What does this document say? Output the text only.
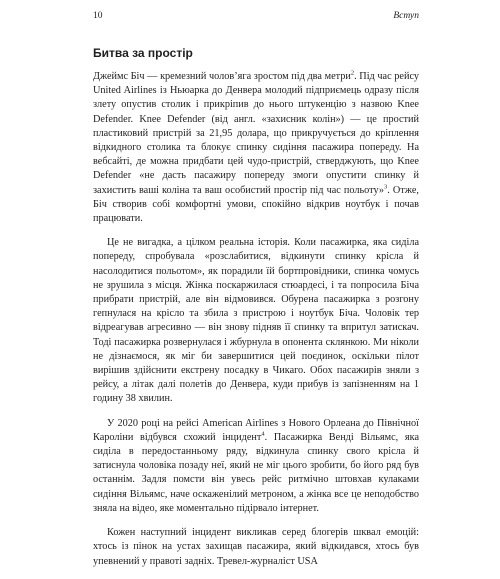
10	Вступ
Битва за простір

Джеймс Біч — кремезний чоловʼяга зростом під два метри$^2$. Під час рейсу United Airlines із Ньюарка до Денвера молодий підприємець одразу після злету опустив столик і прикріпив до нього штукенцію з назвою Knee Defender. Knee Defender (від англ. «захисник колін») — це простий пластиковий пристрій за 21,95 долара, що прикручується до кріплення відкидного столика та блокує спинку сидіння пасажира попереду. На вебсайті, де можна придбати цей чудо-пристрій, стверджують, що Knee Defender «не дасть пасажиру попереду змоги опустити спинку й захистить ваші коліна та ваш особистий простір під час польоту»$^3$. Отже, Біч створив собі комфортні умови, спокійно відкрив ноутбук і почав працювати.

Це не вигадка, а цілком реальна історія. Коли пасажирка, яка сиділа попереду, спробувала «розслабитися, відкинути спинку крісла й насолодитися польотом», як порадили їй бортпровідники, спинка чомусь не зрушила з місця. Жінка поскаржилася стюардесі, і та попросила Біча прибрати пристрій, але він відмовився. Обурена пасажирка з розгону гепнулася на крісло та збила з пристрою і ноутбук Біча. Чоловік тер відреагував агресивно — він знову підняв її спинку та впритул затискач. Тоді пасажирка розвернулася і жбурнула в опонента склянкою. Ми ніколи не дізнаємося, як міг би завершитися цей поєдинок, оскільки пілот вирішив здійснити екстрену посадку в Чикаго. Обох пасажирів зняли з рейсу, а літак далі полетів до Денвера, куди прибув із запізненням на 1 годину 38 хвилин.

У 2020 році на рейсі American Airlines з Нового Орлеана до Північної Кароліни відбувся схожий інцидент$^4$. Пасажирка Венді Вільямс, яка сиділа в передостанньому ряду, відкинула спинку свого крісла й затиснула чоловіка позаду неї, який не міг цього зробити, бо його ряд був останнім. Задля помсти він увесь рейс ритмічно штовхав кулаками сидіння Вільямс, наче оскаженілий метроном, а жінка все це неподобство зняла на відео, яке моментально підірвало інтернет.

Кожен наступний інцидент викликав серед блогерів шквал емоцій: хтось із пінок на устах захищав пасажира, який відкидався, хтось був упевнений у правоті задніх. Тревел-журналіст USA
